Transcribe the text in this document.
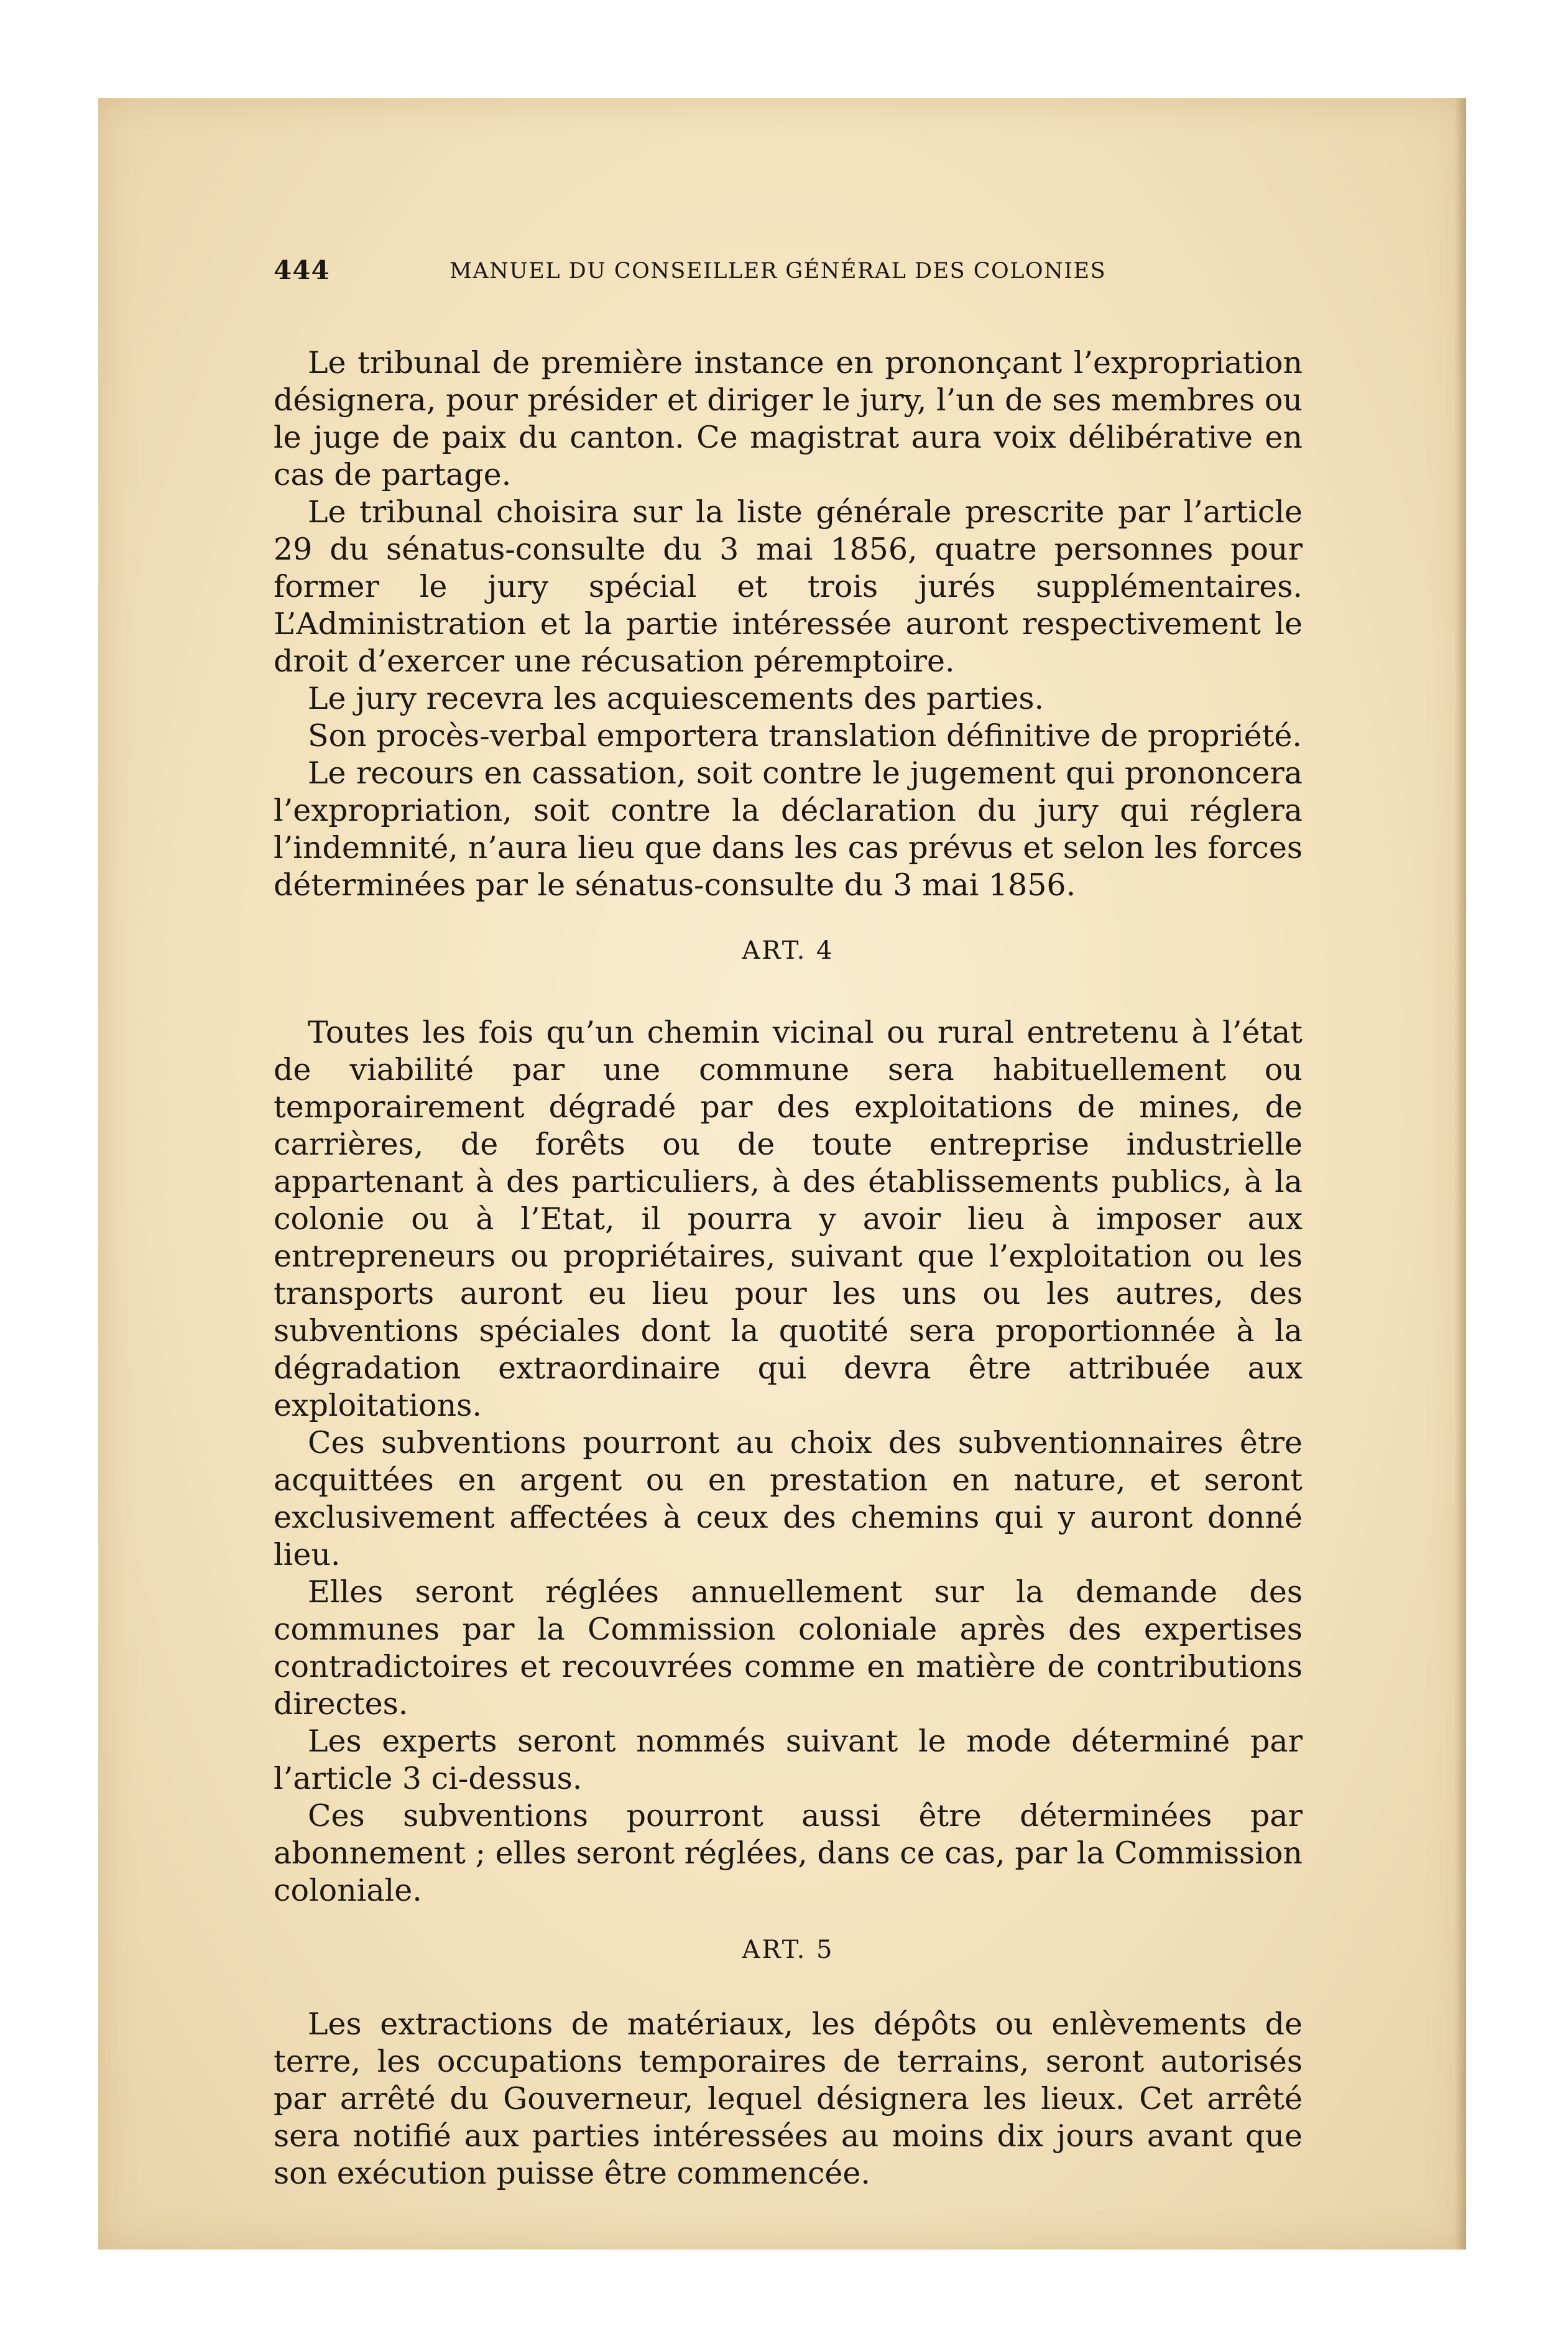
444	MANUEL DU CONSEILLER GÉNÉRAL DES COLONIES

Le tribunal de première instance en prononçant l’expropriation désignera, pour présider et diriger le jury, l’un de ses membres ou le juge de paix du canton. Ce magistrat aura voix délibérative en cas de partage.

Le tribunal choisira sur la liste générale prescrite par l’article 29 du sénatus-consulte du 3 mai 1856, quatre personnes pour former le jury spécial et trois jurés supplémentaires. L’Administration et la partie intéressée auront respectivement le droit d’exercer une récusation péremptoire.

Le jury recevra les acquiescements des parties.

Son procès-verbal emportera translation définitive de propriété.

Le recours en cassation, soit contre le jugement qui prononcera l’expropriation, soit contre la déclaration du jury qui réglera l’indemnité, n’aura lieu que dans les cas prévus et selon les forces déterminées par le sénatus-consulte du 3 mai 1856.

ART. 4

Toutes les fois qu’un chemin vicinal ou rural entretenu à l’état de viabilité par une commune sera habituellement ou temporairement dégradé par des exploitations de mines, de carrières, de forêts ou de toute entreprise industrielle appartenant à des particuliers, à des établissements publics, à la colonie ou à l’Etat, il pourra y avoir lieu à imposer aux entrepreneurs ou propriétaires, suivant que l’exploitation ou les transports auront eu lieu pour les uns ou les autres, des subventions spéciales dont la quotité sera proportionnée à la dégradation extraordinaire qui devra être attribuée aux exploitations.

Ces subventions pourront au choix des subventionnaires être acquittées en argent ou en prestation en nature, et seront exclusivement affectées à ceux des chemins qui y auront donné lieu.

Elles seront réglées annuellement sur la demande des communes par la Commission coloniale après des expertises contradictoires et recouvrées comme en matière de contributions directes.

Les experts seront nommés suivant le mode déterminé par l’article 3 ci-dessus.

Ces subventions pourront aussi être déterminées par abonnement ; elles seront réglées, dans ce cas, par la Commission coloniale.

ART. 5

Les extractions de matériaux, les dépôts ou enlèvements de terre, les occupations temporaires de terrains, seront autorisés par arrêté du Gouverneur, lequel désignera les lieux. Cet arrêté sera notifié aux parties intéressées au moins dix jours avant que son exécution puisse être commencée.
